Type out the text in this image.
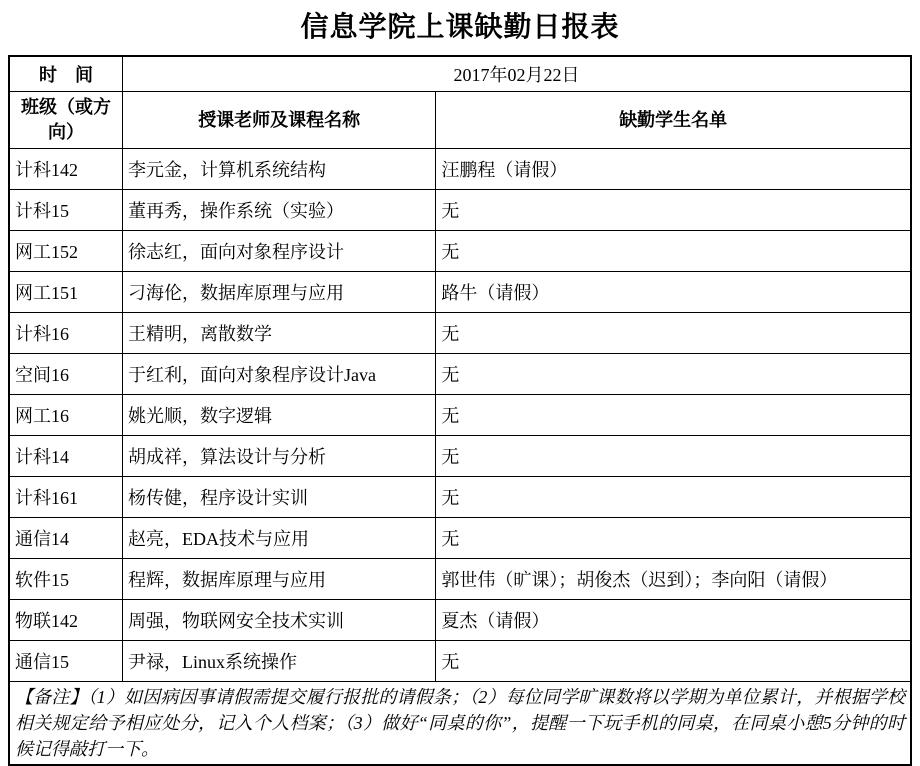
信息学院上课缺勤日报表
时　间	2017年02月22日	
班级（或方向）	授课老师及课程名称	缺勤学生名单
计科142	李元金，计算机系统结构	汪鹏程（请假）
计科15	董再秀，操作系统（实验）	无
网工152	徐志红，面向对象程序设计	无
网工151	刁海伦，数据库原理与应用	路牛（请假）
计科16	王精明，离散数学	无
空间16	于红利，面向对象程序设计Java	无
网工16	姚光顺，数字逻辑	无
计科14	胡成祥，算法设计与分析	无
计科161	杨传健，程序设计实训	无
通信14	赵亮，EDA技术与应用	无
软件15	程辉，数据库原理与应用	郭世伟（旷课）；胡俊杰（迟到）；李向阳（请假）
物联142	周强，物联网安全技术实训	夏杰（请假）
通信15	尹禄，Linux系统操作	无
【备注】（1）如因病因事请假需提交履行报批的请假条；（2）每位同学旷课数将以学期为单位累计，并根据学校相关规定给予相应处分，记入个人档案；（3）做好“同桌的你”，提醒一下玩手机的同桌，在同桌小憩5分钟的时候记得敲打一下。		
